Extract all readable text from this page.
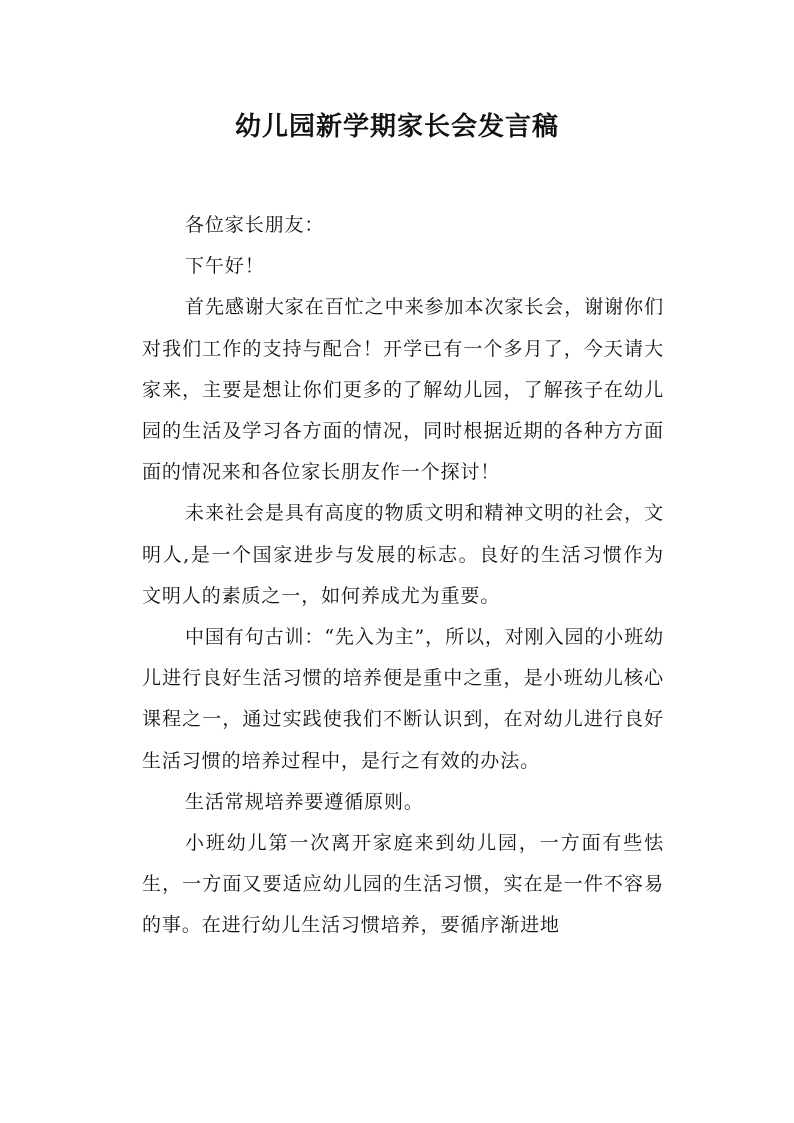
幼儿园新学期家长会发言稿

各位家长朋友：

下午好！

首先感谢大家在百忙之中来参加本次家长会，谢谢你们对我们工作的支持与配合！开学已有一个多月了，今天请大家来，主要是想让你们更多的了解幼儿园，了解孩子在幼儿园的生活及学习各方面的情况，同时根据近期的各种方方面面的情况来和各位家长朋友作一个探讨！

未来社会是具有高度的物质文明和精神文明的社会，文明人,是一个国家进步与发展的标志。良好的生活习惯作为文明人的素质之一，如何养成尤为重要。

中国有句古训：“先入为主”，所以，对刚入园的小班幼儿进行良好生活习惯的培养便是重中之重，是小班幼儿核心课程之一，通过实践使我们不断认识到，在对幼儿进行良好生活习惯的培养过程中，是行之有效的办法。

生活常规培养要遵循原则。

小班幼儿第一次离开家庭来到幼儿园，一方面有些怯生，一方面又要适应幼儿园的生活习惯，实在是一件不容易的事。在进行幼儿生活习惯培养，要循序渐进地
